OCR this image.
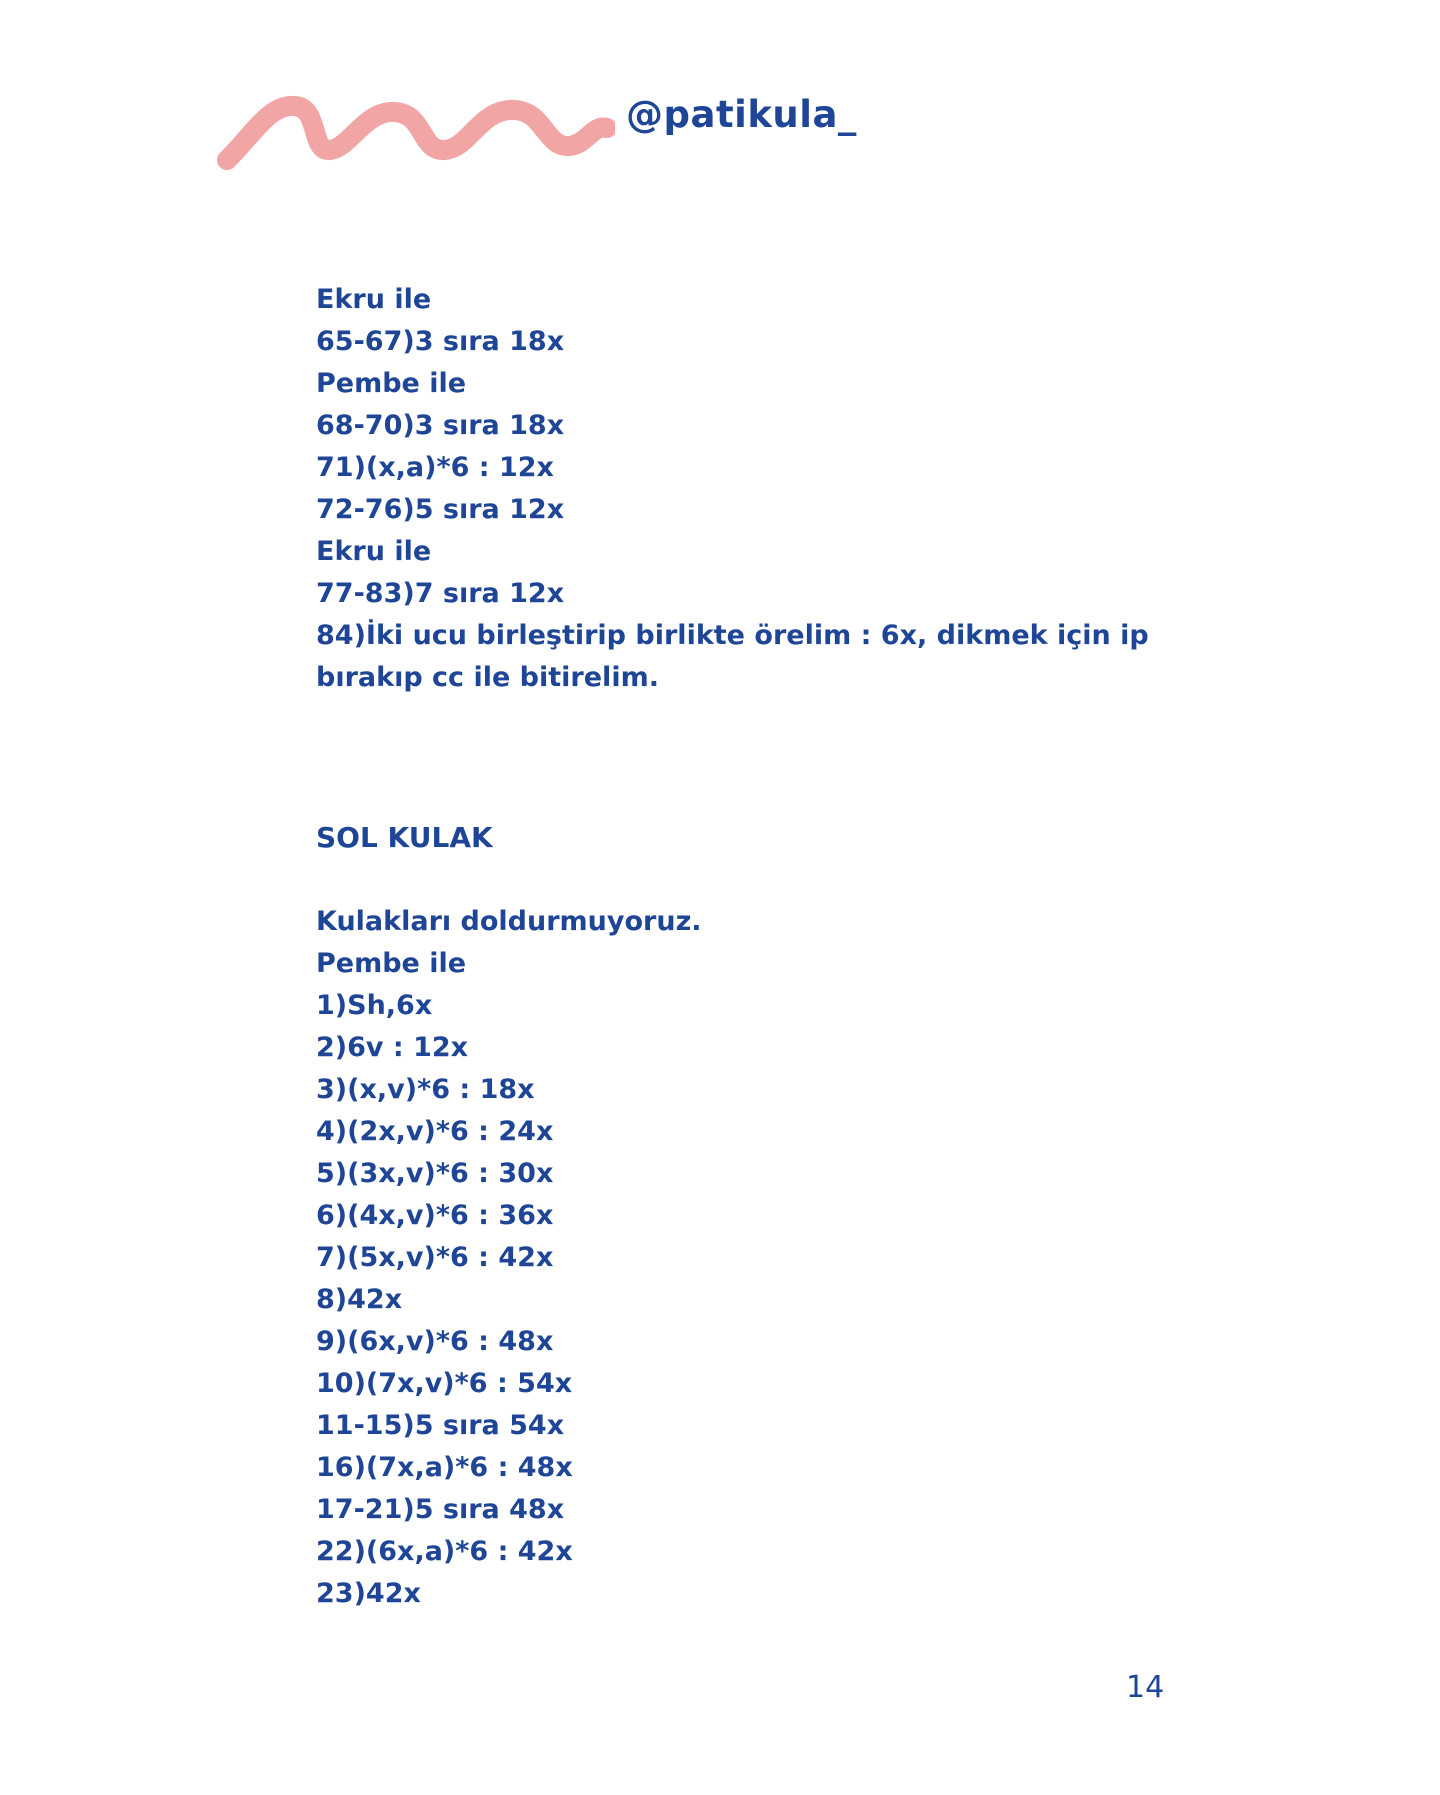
@patikula_
Ekru ile
65-67)3 sıra 18x
Pembe ile
68-70)3 sıra 18x
71)(x,a)*6 : 12x
72-76)5 sıra 12x
Ekru ile
77-83)7 sıra 12x
84)İki ucu birleştirip birlikte örelim : 6x, dikmek için ip bırakıp cc ile bitirelim.
SOL KULAK
Kulakları doldurmuyoruz.
Pembe ile
1)Sh,6x
2)6v : 12x
3)(x,v)*6 : 18x
4)(2x,v)*6 : 24x
5)(3x,v)*6 : 30x
6)(4x,v)*6 : 36x
7)(5x,v)*6 : 42x
8)42x
9)(6x,v)*6 : 48x
10)(7x,v)*6 : 54x
11-15)5 sıra 54x
16)(7x,a)*6 : 48x
17-21)5 sıra 48x
22)(6x,a)*6 : 42x
23)42x
14
